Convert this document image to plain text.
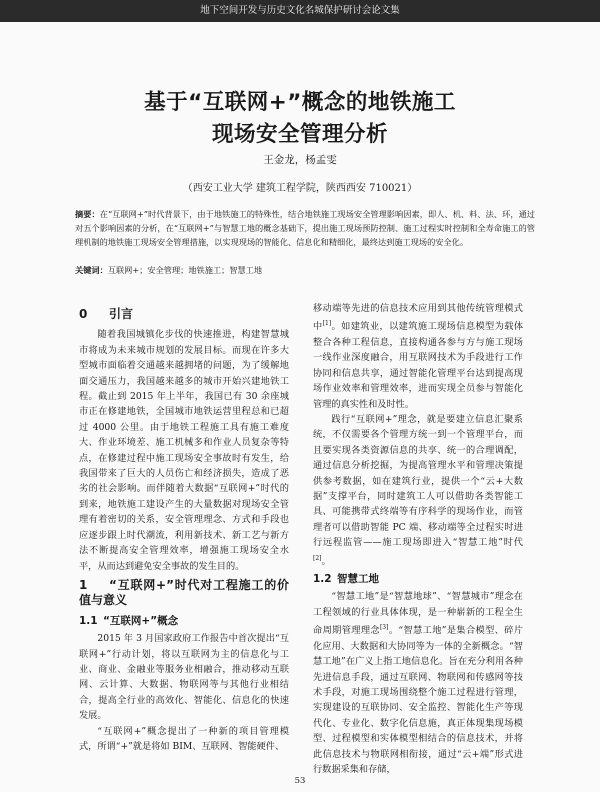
地下空间开发与历史文化名城保护研讨会论文集
基于“互联网+”概念的地铁施工
现场安全管理分析
王金龙，杨孟雯
（西安工业大学 建筑工程学院，陕西西安 710021）
摘要：在“互联网+”时代背景下，由于地铁施工的特殊性，结合地铁施工现场安全管理影响因素，即人、机、料、法、环，通过对五个影响因素的分析，在“互联网+”与智慧工地的概念基础下，提出施工现场预防控制、施工过程实时控制和全寿命施工的管理机制的地铁施工现场安全管理措施，以实现现场的智能化、信息化和精细化，最终达到施工现场的安全化。
关键词：互联网+；安全管理；地铁施工；智慧工地
0 引言

随着我国城镇化步伐的快速推进，构建智慧城市将成为未来城市规划的发展目标。而现在许多大型城市面临着交通越来越拥堵的问题，为了缓解地面交通压力，我国越来越多的城市开始兴建地铁工程。截止到 2015 年上半年，我国已有 30 余座城市正在修建地铁，全国城市地铁运营里程总和已超过 4000 公里。由于地铁工程施工具有施工难度大、作业环境差、施工机械多和作业人员复杂等特点，在修建过程中施工现场安全事故时有发生，给我国带来了巨大的人员伤亡和经济损失，造成了恶劣的社会影响。而伴随着大数据“互联网+”时代的到来，地铁施工建设产生的大量数据对现场安全管理有着密切的关系，安全管理理念、方式和手段也应逐步跟上时代潮流，利用新技术、新工艺与新方法不断提高安全管理效率，增强施工现场安全水平，从而达到避免安全事故的发生目的。

1 “互联网+”时代对工程施工的价值与意义
1.1 “互联网+”概念

2015 年 3 月国家政府工作报告中首次提出“互联网+”行动计划，将以互联网为主的信息化与工业、商业、金融业等服务业相融合，推动移动互联网、云计算、大数据、物联网等与其他行业相结合，提高全行业的高效化、智能化、信息化的快速发展。

“互联网+”概念提出了一种新的项目管理模式，所谓“+”就是将如 BIM、互联网、智能硬件、

移动端等先进的信息技术应用到其他传统管理模式中[1]。如建筑业，以建筑施工现场信息模型为载体整合各种工程信息，直接构通各参与方与施工现场一线作业深度融合，用互联网技术为手段进行工作协同和信息共享，通过智能化管理平台达到提高现场作业效率和管理效率，进而实现全员参与智能化管理的真实性和及时性。

践行“互联网+”理念，就是要建立信息汇聚系统，不仅需要各个管理方统一到一个管理平台，而且要实现各类资源信息的共享、统一的合理调配，通过信息分析挖掘，为提高管理水平和管理决策提供参考数据，如在建筑行业，提供一个“云+大数据”支撑平台，同时建筑工人可以借助各类智能工具、可能携带式终端等有序科学的现场作业，而管理者可以借助智能 PC 端、移动端等全过程实时进行远程监管——施工现场即进入“智慧工地”时代[2]。

1.2 智慧工地

“智慧工地”是“智慧地球”、“智慧城市”理念在工程领域的行业具体体现，是一种崭新的工程全生命周期管理理念[3]。“智慧工地”是集合模型、碎片化应用、大数据和大协同等为一体的全新概念。“智慧工地”在广义上指工地信息化。旨在充分利用各种先进信息手段，通过互联网、物联网和传感网等技术手段，对施工现场围绕整个施工过程进行管理，实现建设的互联协同、安全监控、智能化生产等现代化、专业化、数字化信息施，真正体现集现场模型、过程模型和实体模型相结合的信息技术，并将此信息技术与物联网相衔接，通过“云+端”形式进行数据采集和存储，

53
